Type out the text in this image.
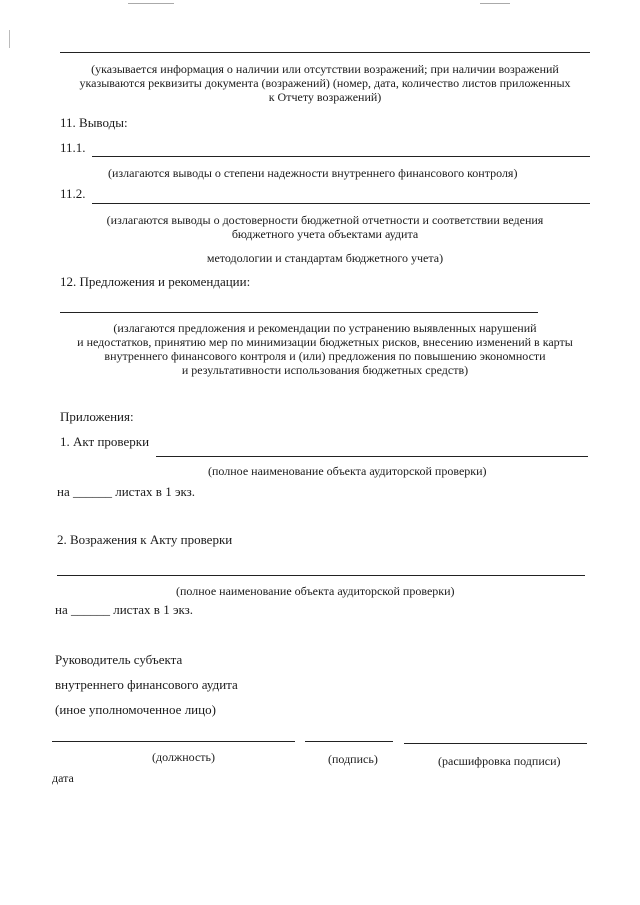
(указывается информация о наличии или отсутствии возражений; при наличии возражений
указываются реквизиты документа (возражений) (номер, дата, количество листов приложенных
к Отчету возражений)
11. Выводы:
11.1.
(излагаются выводы о степени надежности внутреннего финансового контроля)
11.2.
(излагаются выводы о достоверности бюджетной отчетности и соответствии ведения
бюджетного учета объектами аудита
методологии и стандартам бюджетного учета)
12. Предложения и рекомендации:
(излагаются предложения и рекомендации по устранению выявленных нарушений
и недостатков, принятию мер по минимизации бюджетных рисков, внесению изменений в карты
внутреннего финансового контроля и (или) предложения по повышению экономности
и результативности использования бюджетных средств)
Приложения:
1. Акт проверки
(полное наименование объекта аудиторской проверки)
на ______ листах в 1 экз.
2. Возражения к Акту проверки
(полное наименование объекта аудиторской проверки)
на ______ листах в 1 экз.
Руководитель субъекта
внутреннего финансового аудита
(иное уполномоченное лицо)
(должность)	(подпись)	(расшифровка подписи)
дата
